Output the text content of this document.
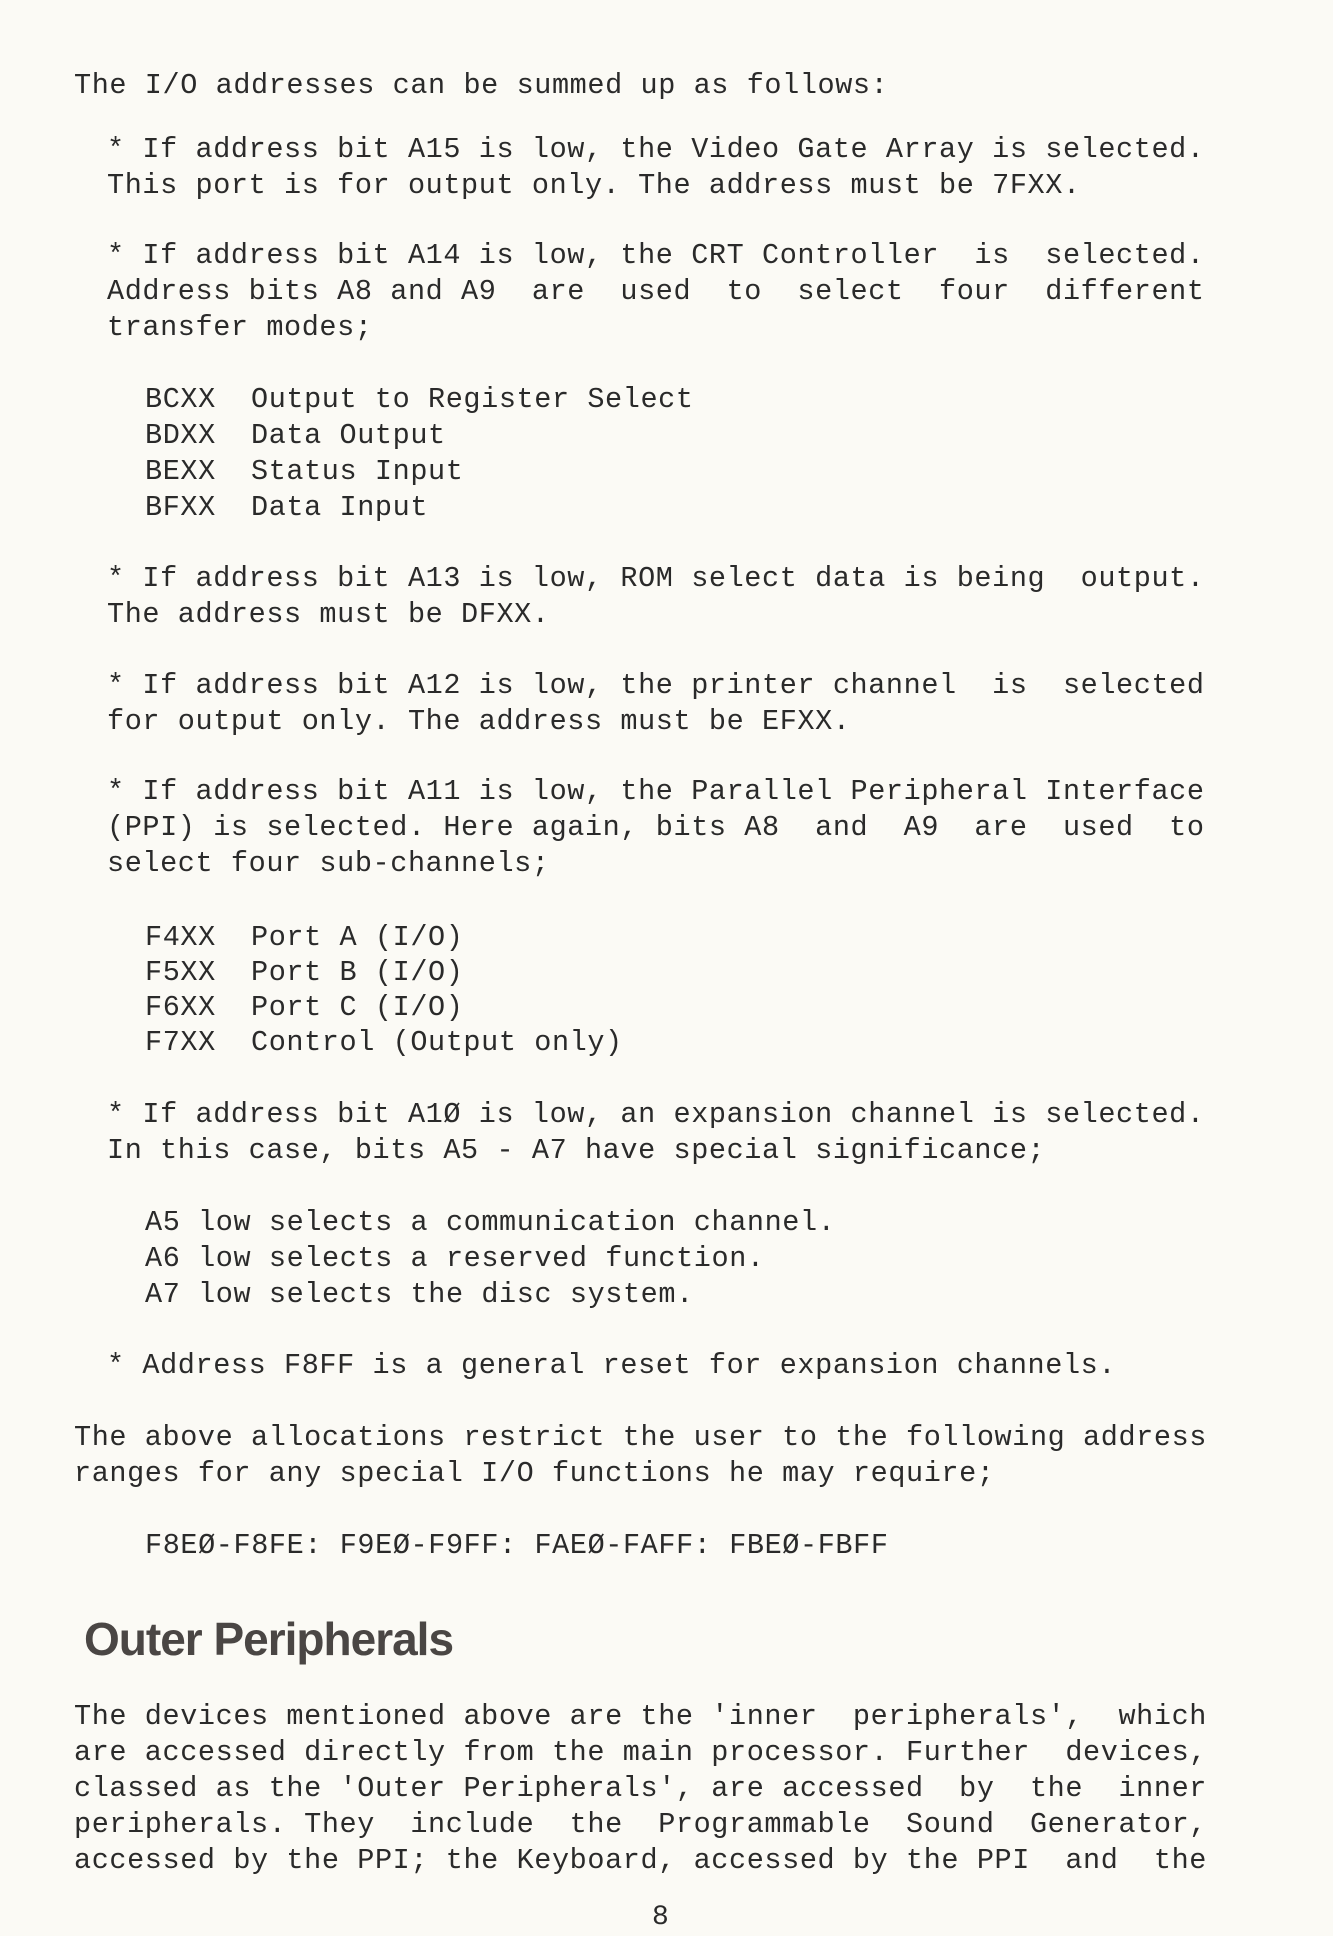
The I/O addresses can be summed up as follows:
* If address bit A15 is low, the Video Gate Array is selected.
This port is for output only. The address must be 7FXX.
* If address bit A14 is low, the CRT Controller  is  selected.
Address bits A8 and A9  are  used  to  select  four  different
transfer modes;
BCXX Output to Register Select
BDXX Data Output
BEXX Status Input
BFXX Data Input
* If address bit A13 is low, ROM select data is being  output.
The address must be DFXX.
* If address bit A12 is low, the printer channel  is  selected
for output only. The address must be EFXX.
* If address bit A11 is low, the Parallel Peripheral Interface
(PPI) is selected. Here again, bits A8  and  A9  are  used  to
select four sub-channels;
F4XX Port A (I/O)
F5XX Port B (I/O)
F6XX Port C (I/O)
F7XX Control (Output only)
* If address bit A1Ø is low, an expansion channel is selected.
In this case, bits A5 - A7 have special significance;
A5 low selects a communication channel.
A6 low selects a reserved function.
A7 low selects the disc system.
* Address F8FF is a general reset for expansion channels.
The above allocations restrict the user to the following address
ranges for any special I/O functions he may require;
F8EØ-F8FE: F9EØ-F9FF: FAEØ-FAFF: FBEØ-FBFF
Outer Peripherals
The devices mentioned above are the 'inner  peripherals',  which
are accessed directly from the main processor. Further  devices,
classed as the 'Outer Peripherals', are accessed  by  the  inner
peripherals. They  include  the  Programmable  Sound  Generator,
accessed by the PPI; the Keyboard, accessed by the PPI  and  the
8
